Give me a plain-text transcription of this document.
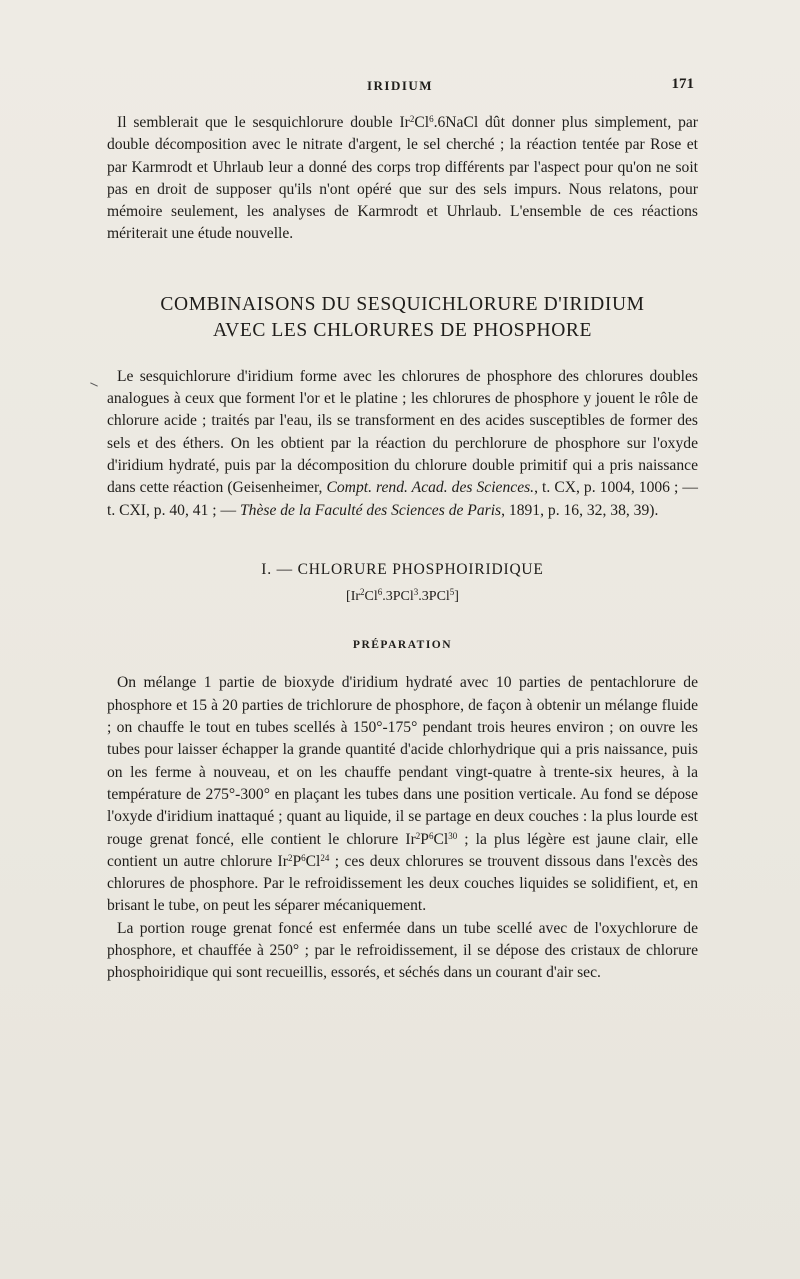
IRIDIUM	171

Il semblerait que le sesquichlorure double Ir$^2$Cl$^6$.6NaCl dût donner plus simplement, par double décomposition avec le nitrate d'argent, le sel cherché ; la réaction tentée par Rose et par Karmrodt et Uhrlaub leur a donné des corps trop différents par l'aspect pour qu'on ne soit pas en droit de supposer qu'ils n'ont opéré que sur des sels impurs. Nous relatons, pour mémoire seulement, les analyses de Karmrodt et Uhrlaub. L'ensemble de ces réactions mériterait une étude nouvelle.

COMBINAISONS DU SESQUICHLORURE D'IRIDIUM
AVEC LES CHLORURES DE PHOSPHORE

Le sesquichlorure d'iridium forme avec les chlorures de phosphore des chlorures doubles analogues à ceux que forment l'or et le platine ; les chlorures de phosphore y jouent le rôle de chlorure acide ; traités par l'eau, ils se transforment en des acides susceptibles de former des sels et des éthers. On les obtient par la réaction du perchlorure de phosphore sur l'oxyde d'iridium hydraté, puis par la décomposition du chlorure double primitif qui a pris naissance dans cette réaction (Geisenheimer, Compt. rend. Acad. des Sciences., t. CX, p. 1004, 1006 ; — t. CXI, p. 40, 41 ; — Thèse de la Faculté des Sciences de Paris, 1891, p. 16, 32, 38, 39).

I. — CHLORURE PHOSPHOIRIDIQUE
[Ir$^2$Cl$^6$.3PCl$^3$.3PCl$^5$]
PRÉPARATION

On mélange 1 partie de bioxyde d'iridium hydraté avec 10 parties de pentachlorure de phosphore et 15 à 20 parties de trichlorure de phosphore, de façon à obtenir un mélange fluide ; on chauffe le tout en tubes scellés à 150°-175° pendant trois heures environ ; on ouvre les tubes pour laisser échapper la grande quantité d'acide chlorhydrique qui a pris naissance, puis on les ferme à nouveau, et on les chauffe pendant vingt-quatre à trente-six heures, à la température de 275°-300° en plaçant les tubes dans une position verticale. Au fond se dépose l'oxyde d'iridium inattaqué ; quant au liquide, il se partage en deux couches : la plus lourde est rouge grenat foncé, elle contient le chlorure $Ir^2P^6Cl^{30}$ ; la plus légère est jaune clair, elle contient un autre chlorure $Ir^2P^6Cl^{24}$ ; ces deux chlorures se trouvent dissous dans l'excès des chlorures de phosphore. Par le refroidissement les deux couches liquides se solidifient, et, en brisant le tube, on peut les séparer mécaniquement.

La portion rouge grenat foncé est enfermée dans un tube scellé avec de l'oxychlorure de phosphore, et chauffée à 250° ; par le refroidissement, il se dépose des cristaux de chlorure phosphoiridique qui sont recueillis, essorés, et séchés dans un courant d'air sec.
